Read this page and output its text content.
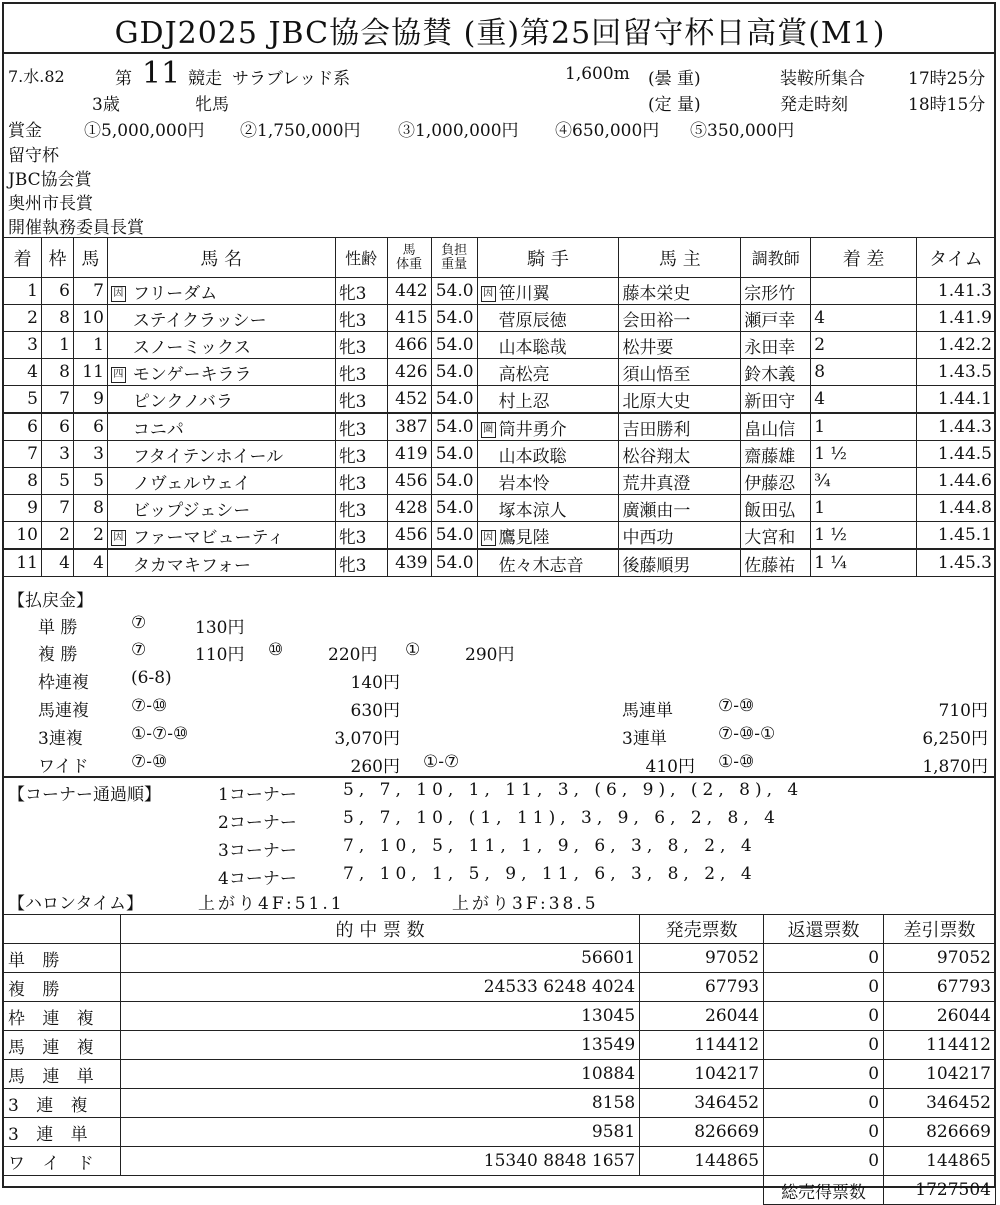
GDJ2025 JBC協会協賛 (重)第25回留守杯日高賞(M1)
7.水.82	第 11 競走 サラブレッド系
3歳	牝馬
1,600m (曇 重)
(定 量)
装鞍所集合	17時25分
発走時刻	18時15分
賞金 ①5,000,000円 ②1,750,000円 ③1,000,000円 ④650,000円 ⑤350,000円
留守杯
JBC協会賞
奥州市長賞
開催執務委員長賞
着	枠	馬	馬 名	性齢	馬
体重	負担
重量	騎 手	馬 主	調教師	着 差	タイム
1	6	7	因 フリーダム	牝3	442	54.0	因 笹川翼	藤本栄史	宗形竹		1.41.3
2	8	10	ステイクラッシー	牝3	415	54.0	菅原辰徳	会田裕一	瀬戸幸	4	1.41.9
3	1	1	スノーミックス	牝3	466	54.0	山本聡哉	松井要	永田幸	2	1.42.2
4	8	11	四 モンゲーキララ	牝3	426	54.0	高松亮	須山悟至	鈴木義	8	1.43.5
5	7	9	ピンクノバラ	牝3	452	54.0	村上忍	北原大史	新田守	4	1.44.1
6	6	6	コニパ	牝3	387	54.0	圏 筒井勇介	吉田勝利	畠山信	1	1.44.3
7	3	3	フタイテンホイール	牝3	419	54.0	山本政聡	松谷翔太	齋藤雄	1 ½	1.44.5
8	5	5	ノヴェルウェイ	牝3	456	54.0	岩本怜	荒井真澄	伊藤忍	¾	1.44.6
9	7	8	ビップジェシー	牝3	428	54.0	塚本涼人	廣瀬由一	飯田弘	1	1.44.8
10	2	2	因 ファーマビューティ	牝3	456	54.0	因 鷹見陸	中西功	大宮和	1 ½	1.45.1
11	4	4	タカマキフォー	牝3	439	54.0	佐々木志音	後藤順男	佐藤祐	1 ¼	1.45.3
【払戻金】
単 勝	⑦	130円
複 勝	⑦	110円 ⑩	220円 ①	290円
枠連複 (6-8)	140円
馬連複 ⑦-⑩	630円	馬連単	⑦-⑩	710円
3連複	①-⑦-⑩	3,070円	3連単	⑦-⑩-①	6,250円
ワイド	⑦-⑩	260円 ①-⑦	410円 ①-⑩	1,870円
【コーナー通過順】	1コーナー	5, 7, 10, 1, 11, 3, (6, 9), (2, 8), 4
2コーナー	5, 7, 10, (1, 11), 3, 9, 6, 2, 8, 4
3コーナー	7, 10, 5, 11, 1, 9, 6, 3, 8, 2, 4
4コーナー	7, 10, 1, 5, 9, 11, 6, 3, 8, 2, 4
【ハロンタイム】	上がり4F:51.1	上がり3F:38.5
	的 中 票 数	発売票数	返還票数	差引票数
単 勝	56601	97052	0	97052
複 勝	24533 6248 4024	67793	0	67793
枠 連 複	13045	26044	0	26044
馬 連 複	13549	114412	0	114412
馬 連 単	10884	104217	0	104217
3 連 複	8158	346452	0	346452
3 連 単	9581	826669	0	826669
ワ イ ド	15340 8848 1657	144865	0	144865
			総売得票数	1727504
